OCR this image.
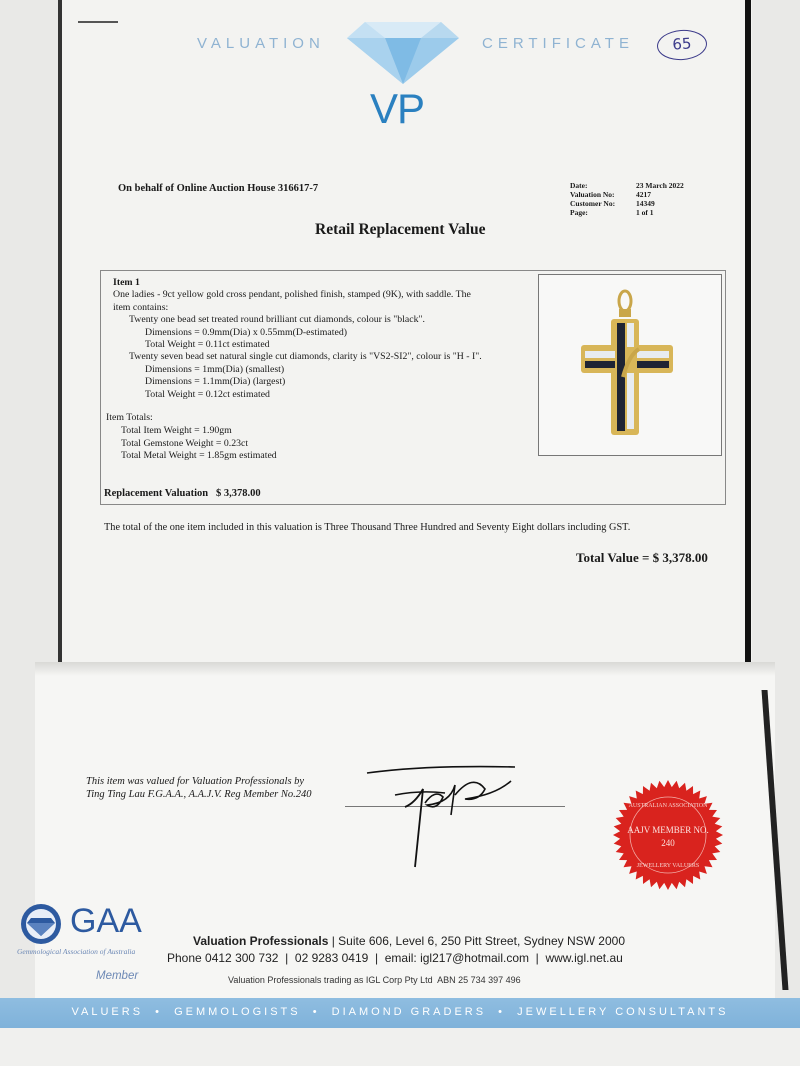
VALUATION	CERTIFICATE
VP
65
On behalf of Online Auction House 316617-7	Date:	23 March 2022
Valuation No:	4217
Customer No:	14349
Page:	1 of 1
Retail Replacement Value
Item 1
One ladies - 9ct yellow gold cross pendant, polished finish, stamped (9K), with saddle. The
item contains:
Twenty one bead set treated round brilliant cut diamonds, colour is "black".
Dimensions = 0.9mm(Dia) x 0.55mm(D-estimated)
Total Weight = 0.11ct estimated
Twenty seven bead set natural single cut diamonds, clarity is "VS2-SI2", colour is "H - I".
Dimensions = 1mm(Dia) (smallest)
Dimensions = 1.1mm(Dia) (largest)
Total Weight = 0.12ct estimated
Item Totals:
Total Item Weight = 1.90gm
Total Gemstone Weight = 0.23ct
Total Metal Weight = 1.85gm estimated
Replacement Valuation   $ 3,378.00
The total of the one item included in this valuation is Three Thousand Three Hundred and Seventy Eight dollars including GST.
Total Value = $ 3,378.00
This item was valued for Valuation Professionals by
Ting Ting Lau F.G.A.A., A.A.J.V. Reg Member No.240
AUSTRALIAN ASSOCIATION
AAJV MEMBER NO.
240
JEWELLERY VALUERS
GAA
Gemmological Association of Australia
Member
Valuation Professionals | Suite 606, Level 6, 250 Pitt Street, Sydney NSW 2000
Phone 0412 300 732  |  02 9283 0419  |  email: igl217@hotmail.com  |  www.igl.net.au
Valuation Professionals trading as IGL Corp Pty Ltd  ABN 25 734 397 496
VALUERS  •  GEMMOLOGISTS  •  DIAMOND GRADERS  •  JEWELLERY CONSULTANTS
